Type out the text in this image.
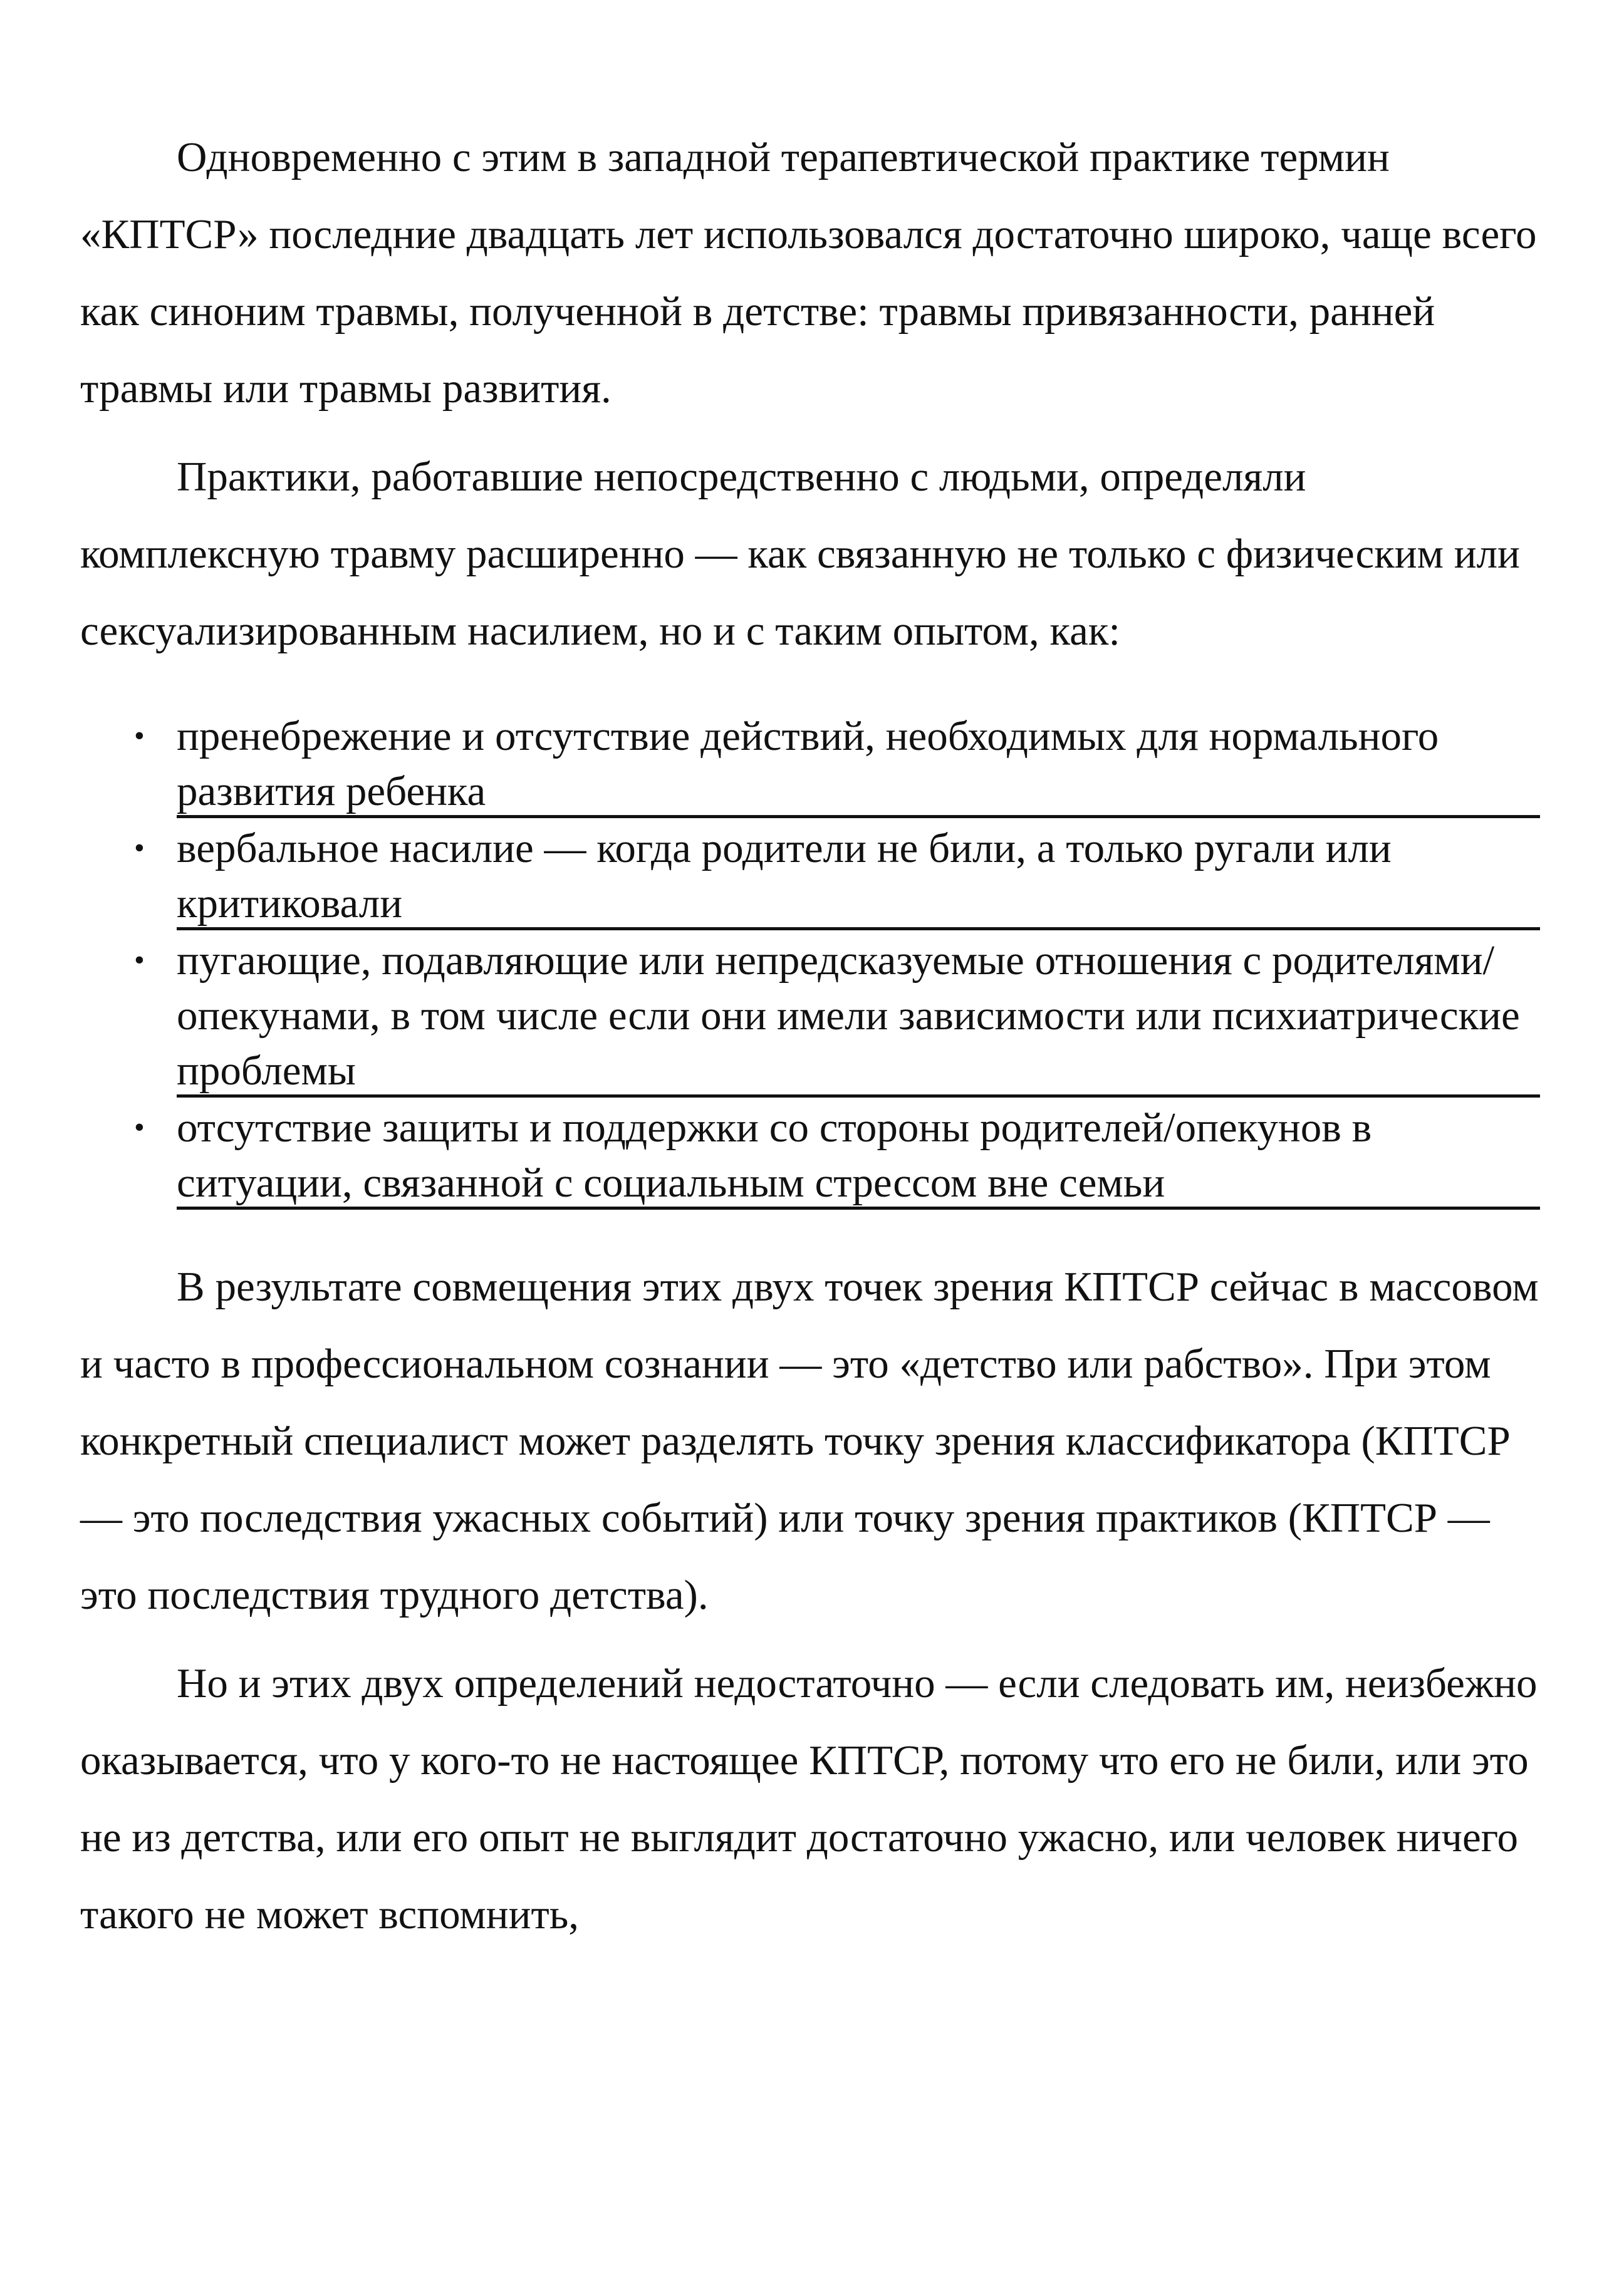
Одновременно с этим в западной терапевтической практике термин «КПТСР» последние двадцать лет использовался достаточно широко, чаще всего как синоним травмы, полученной в детстве: травмы привязанности, ранней травмы или травмы развития.

Практики, работавшие непосредственно с людьми, определяли комплексную травму расширенно — как связанную не только с физическим или сексуализированным насилием, но и с таким опытом, как:

• пренебрежение и отсутствие действий, необходимых для нормального развития ребенка
• вербальное насилие — когда родители не били, а только ругали или критиковали
• пугающие, подавляющие или непредсказуемые отношения с родителями/опекунами, в том числе если они имели зависимости или психиатрические проблемы
• отсутствие защиты и поддержки со стороны родителей/опекунов в ситуации, связанной с социальным стрессом вне семьи

В результате совмещения этих двух точек зрения КПТСР сейчас в массовом и часто в профессиональном сознании — это «детство или рабство». При этом конкретный специалист может разделять точку зрения классификатора (КПТСР — это последствия ужасных событий) или точку зрения практиков (КПТСР — это последствия трудного детства).

Но и этих двух определений недостаточно — если следовать им, неизбежно оказывается, что у кого-то не настоящее КПТСР, потому что его не били, или это не из детства, или его опыт не выглядит достаточно ужасно, или человек ничего такого не может вспомнить,
